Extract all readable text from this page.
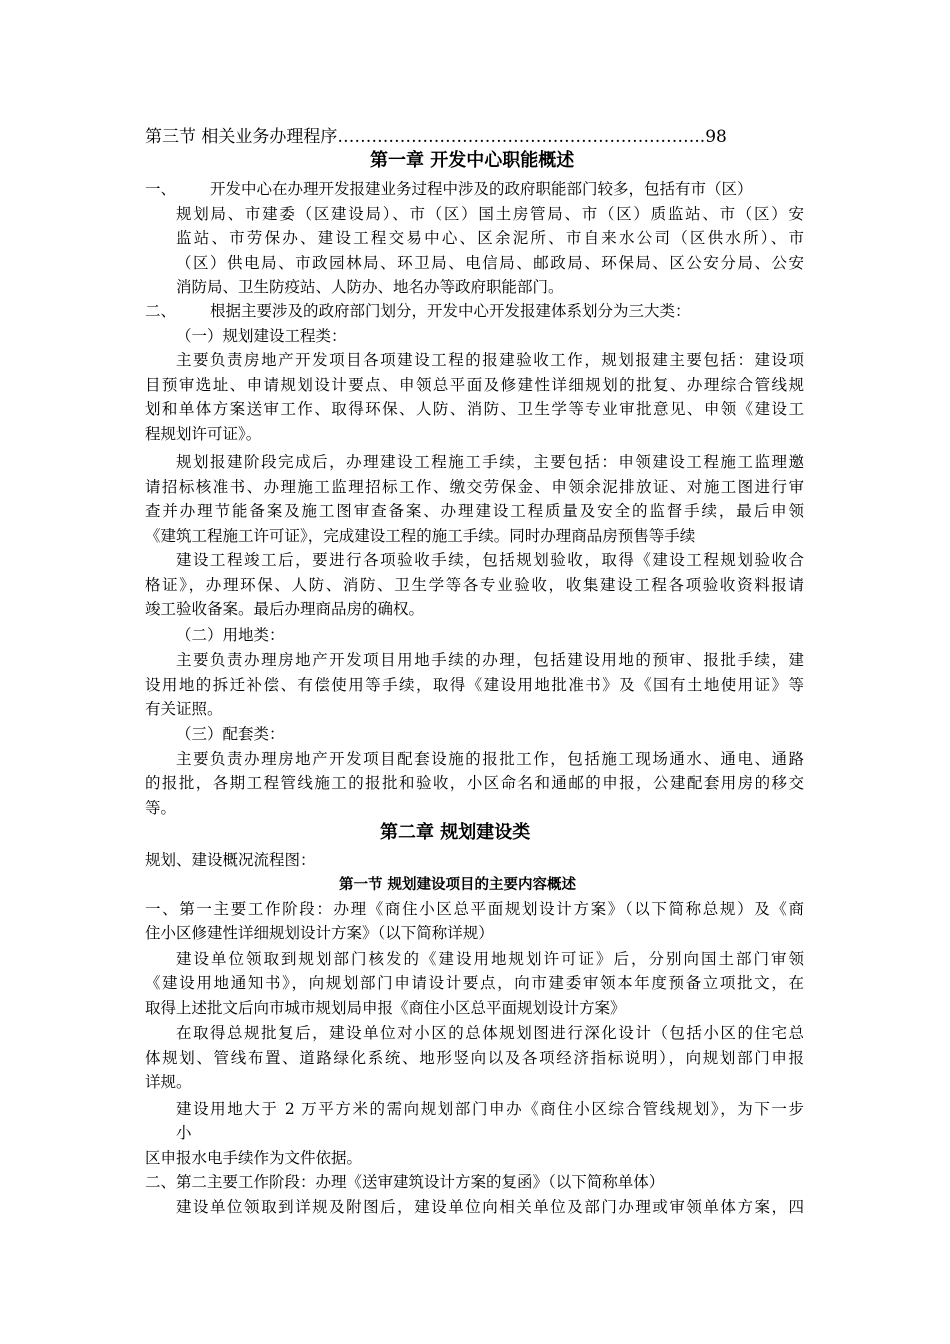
第三节 相关业务办理程序………………………………………………………..98
第一章 开发中心职能概述
一、 开发中心在办理开发报建业务过程中涉及的政府职能部门较多，包括有市（区）
规划局、市建委（区建设局）、市（区）国土房管局、市（区）质监站、市（区）安
监站、市劳保办、建设工程交易中心、区余泥所、市自来水公司（区供水所）、市
（区）供电局、市政园林局、环卫局、电信局、邮政局、环保局、区公安分局、公安
消防局、卫生防疫站、人防办、地名办等政府职能部门。
二、 根据主要涉及的政府部门划分，开发中心开发报建体系划分为三大类：
（一）规划建设工程类：
主要负责房地产开发项目各项建设工程的报建验收工作，规划报建主要包括：建设项
目预审选址、申请规划设计要点、申领总平面及修建性详细规划的批复、办理综合管线规
划和单体方案送审工作、取得环保、人防、消防、卫生学等专业审批意见、申领《建设工
程规划许可证》。
规划报建阶段完成后，办理建设工程施工手续，主要包括：申领建设工程施工监理邀
请招标核准书、办理施工监理招标工作、缴交劳保金、申领余泥排放证、对施工图进行审
查并办理节能备案及施工图审查备案、办理建设工程质量及安全的监督手续，最后申领
《建筑工程施工许可证》，完成建设工程的施工手续。同时办理商品房预售等手续
建设工程竣工后，要进行各项验收手续，包括规划验收，取得《建设工程规划验收合
格证》，办理环保、人防、消防、卫生学等各专业验收，收集建设工程各项验收资料报请
竣工验收备案。最后办理商品房的确权。
（二）用地类：
主要负责办理房地产开发项目用地手续的办理，包括建设用地的预审、报批手续，建
设用地的拆迁补偿、有偿使用等手续，取得《建设用地批准书》及《国有土地使用证》等
有关证照。
（三）配套类：
主要负责办理房地产开发项目配套设施的报批工作，包括施工现场通水、通电、通路
的报批，各期工程管线施工的报批和验收，小区命名和通邮的申报，公建配套用房的移交
等。
第二章 规划建设类
规划、建设概况流程图：
第一节 规划建设项目的主要内容概述
一、第一主要工作阶段：办理《商住小区总平面规划设计方案》（以下简称总规）及《商
住小区修建性详细规划设计方案》（以下简称详规）
建设单位领取到规划部门核发的《建设用地规划许可证》后，分别向国土部门审领
《建设用地通知书》，向规划部门申请设计要点，向市建委审领本年度预备立项批文，在
取得上述批文后向市城市规划局申报《商住小区总平面规划设计方案》
在取得总规批复后，建设单位对小区的总体规划图进行深化设计（包括小区的住宅总
体规划、管线布置、道路绿化系统、地形竖向以及各项经济指标说明），向规划部门申报
详规。
建设用地大于 2 万平方米的需向规划部门申办《商住小区综合管线规划》，为下一步
小
区申报水电手续作为文件依据。
二、第二主要工作阶段：办理《送审建筑设计方案的复函》（以下简称单体）
建设单位领取到详规及附图后，建设单位向相关单位及部门办理或审领单体方案，四
